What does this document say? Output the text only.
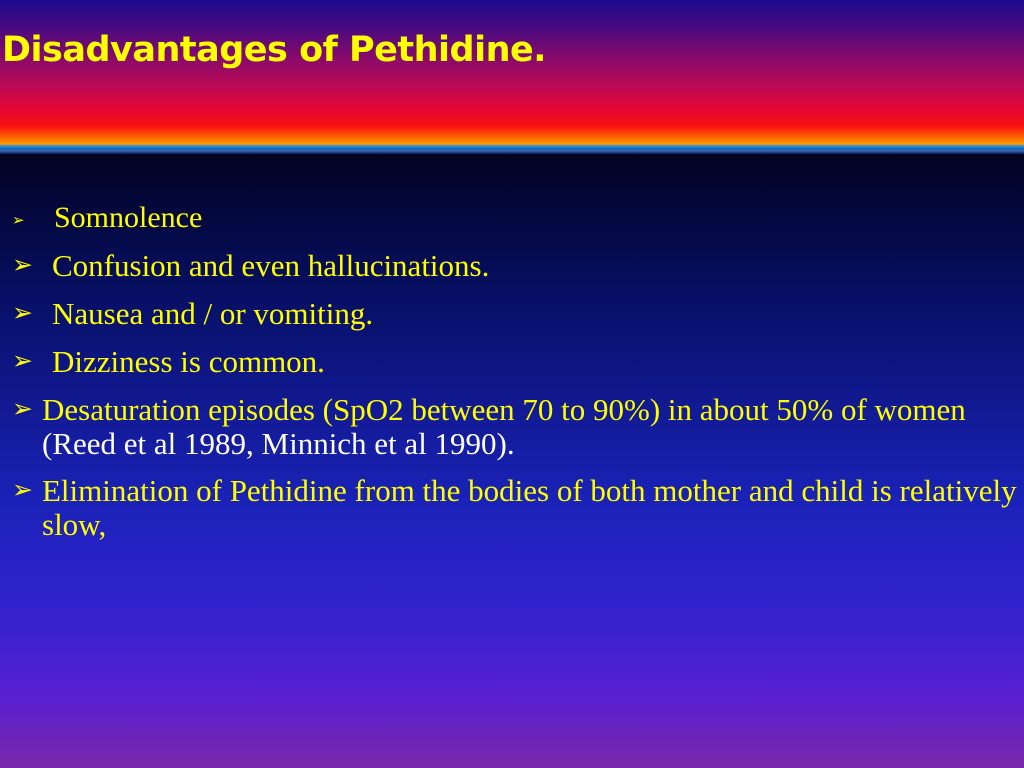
Disadvantages of Pethidine.
➢ Somnolence
➢ Confusion and even hallucinations.
➢ Nausea and / or vomiting.
➢ Dizziness is common.
➢ Desaturation episodes (SpO2 between 70 to 90%) in about 50% of women (Reed et al 1989, Minnich et al 1990).
➢ Elimination of Pethidine from the bodies of both mother and child is relatively slow,
